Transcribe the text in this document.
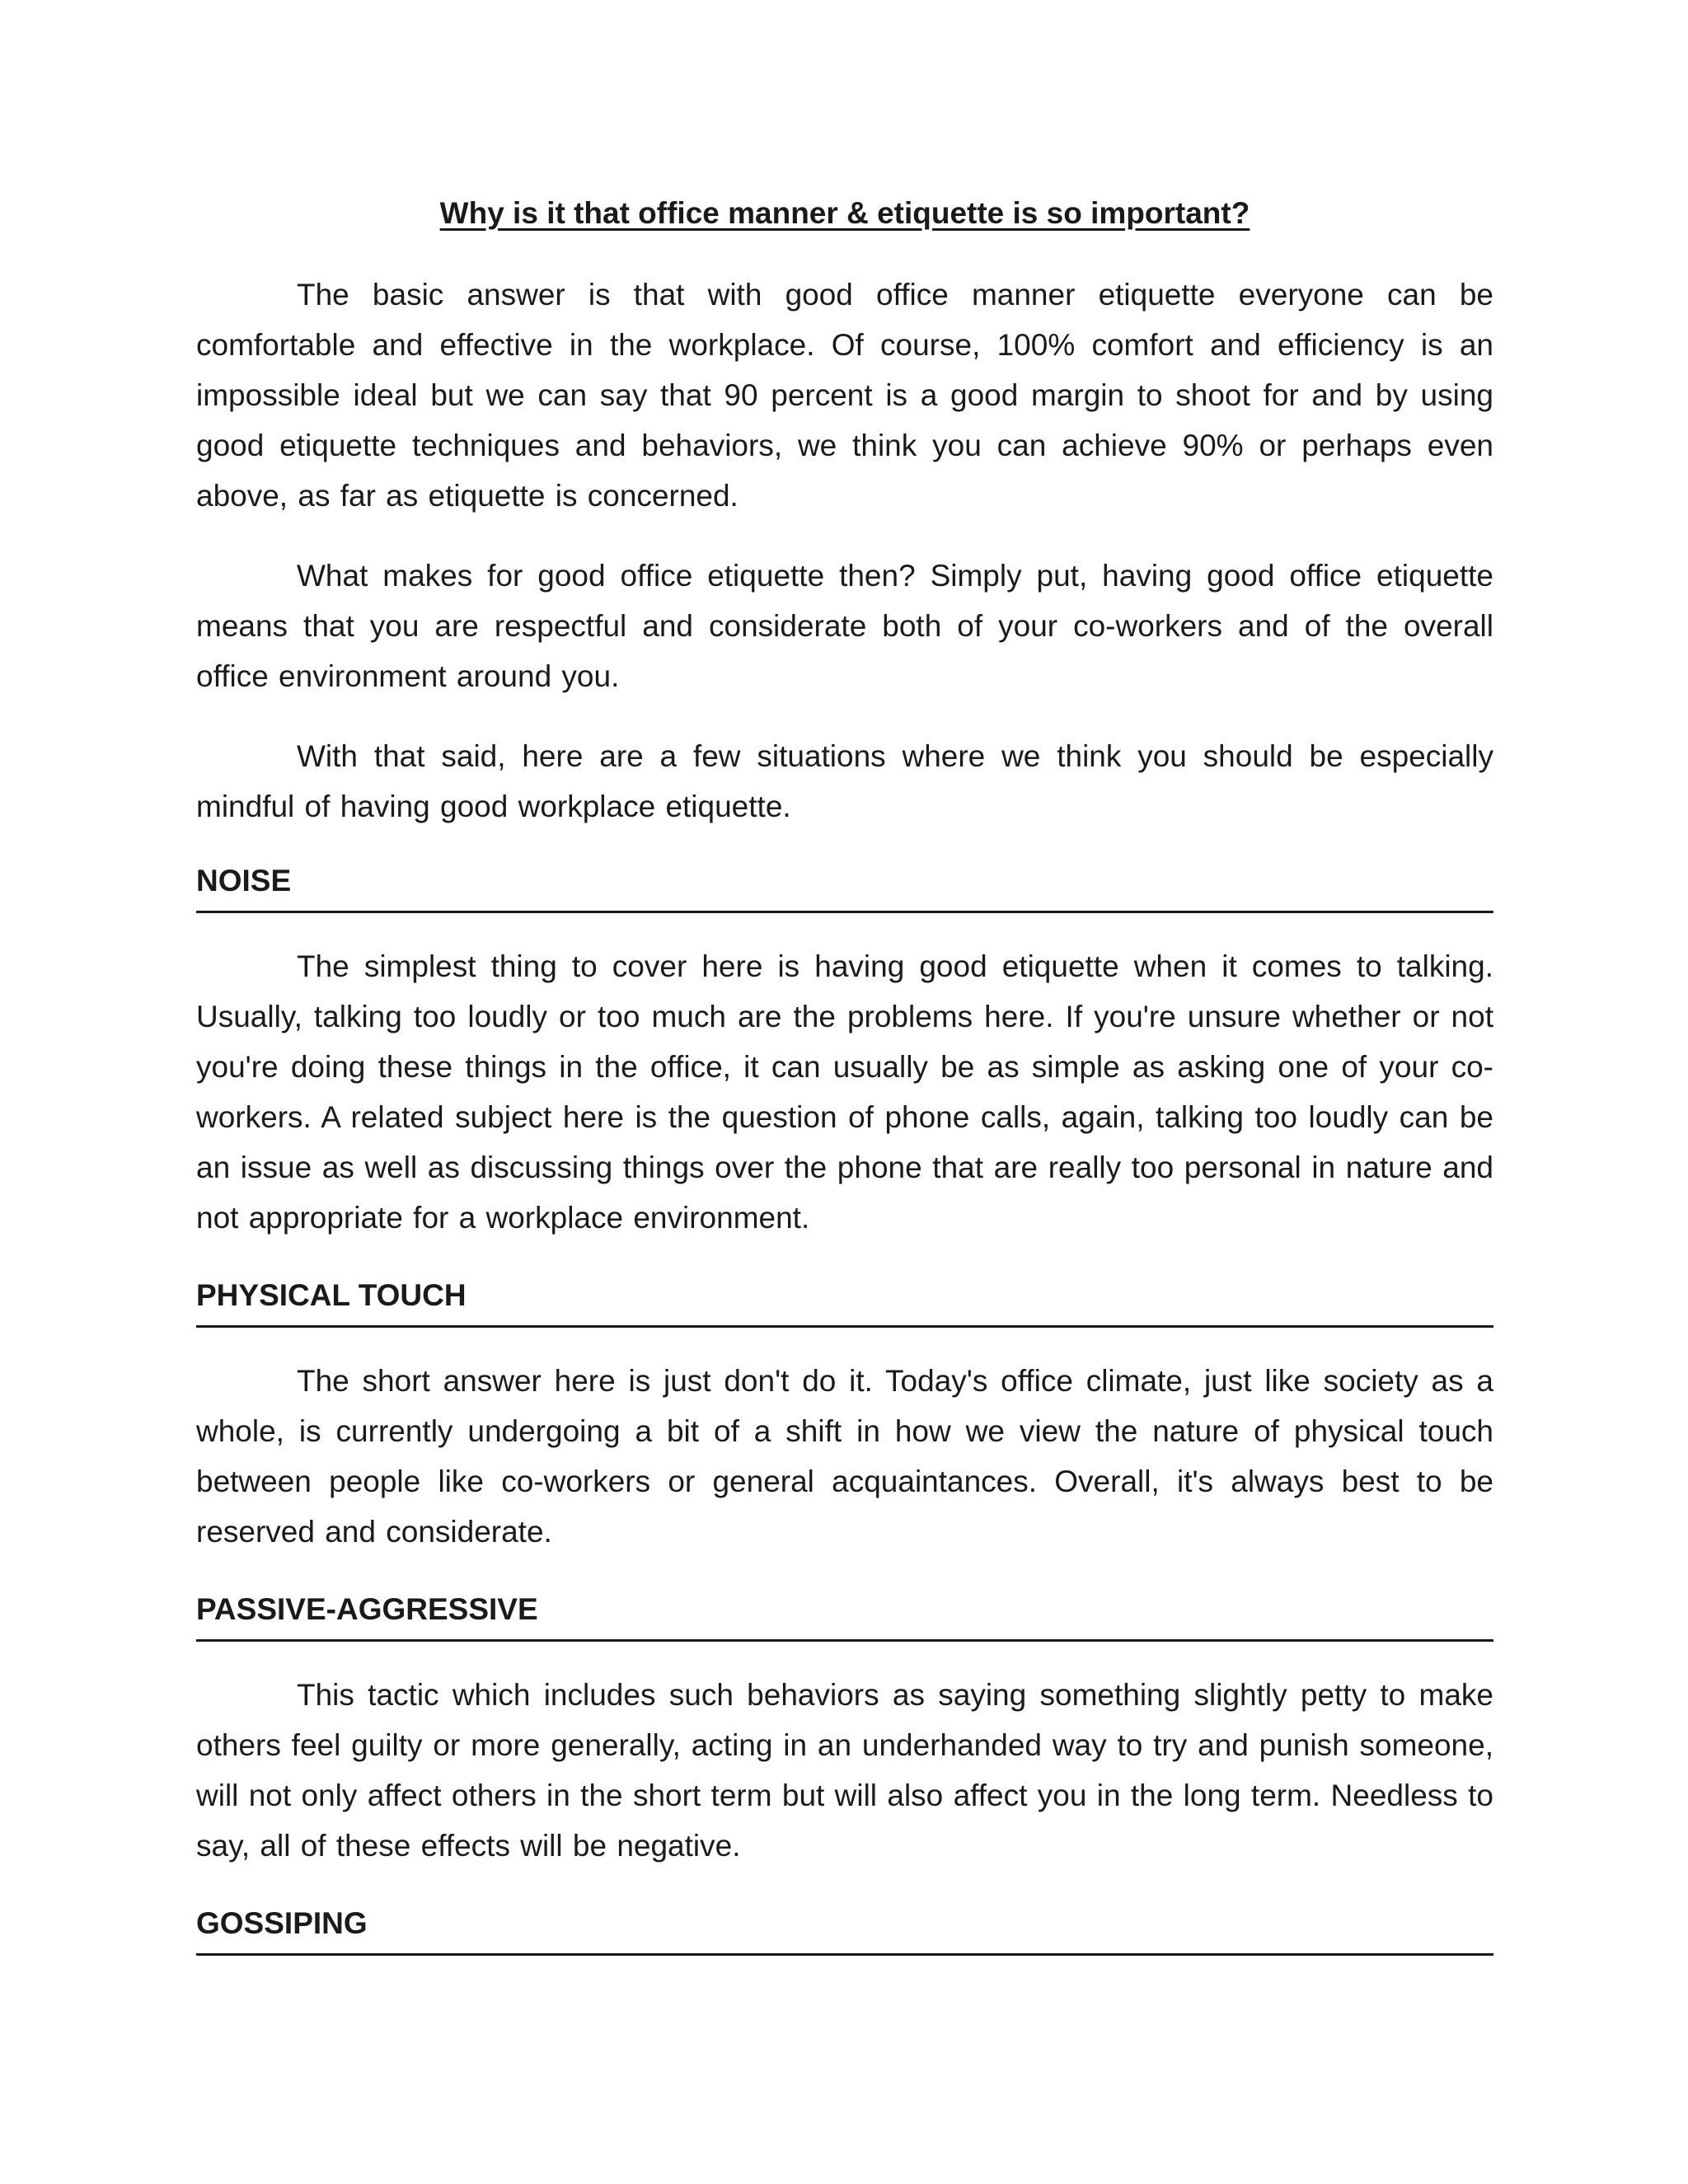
Why is it that office manner & etiquette is so important?

The basic answer is that with good office manner etiquette everyone can be comfortable and effective in the workplace. Of course, 100% comfort and efficiency is an impossible ideal but we can say that 90 percent is a good margin to shoot for and by using good etiquette techniques and behaviors, we think you can achieve 90% or perhaps even above, as far as etiquette is concerned.

What makes for good office etiquette then? Simply put, having good office etiquette means that you are respectful and considerate both of your co-workers and of the overall office environment around you.

With that said, here are a few situations where we think you should be especially mindful of having good workplace etiquette.

NOISE

The simplest thing to cover here is having good etiquette when it comes to talking. Usually, talking too loudly or too much are the problems here. If you're unsure whether or not you're doing these things in the office, it can usually be as simple as asking one of your co-workers. A related subject here is the question of phone calls, again, talking too loudly can be an issue as well as discussing things over the phone that are really too personal in nature and not appropriate for a workplace environment.

PHYSICAL TOUCH

The short answer here is just don't do it. Today's office climate, just like society as a whole, is currently undergoing a bit of a shift in how we view the nature of physical touch between people like co-workers or general acquaintances. Overall, it's always best to be reserved and considerate.

PASSIVE-AGGRESSIVE

This tactic which includes such behaviors as saying something slightly petty to make others feel guilty or more generally, acting in an underhanded way to try and punish someone, will not only affect others in the short term but will also affect you in the long term. Needless to say, all of these effects will be negative.

GOSSIPING
